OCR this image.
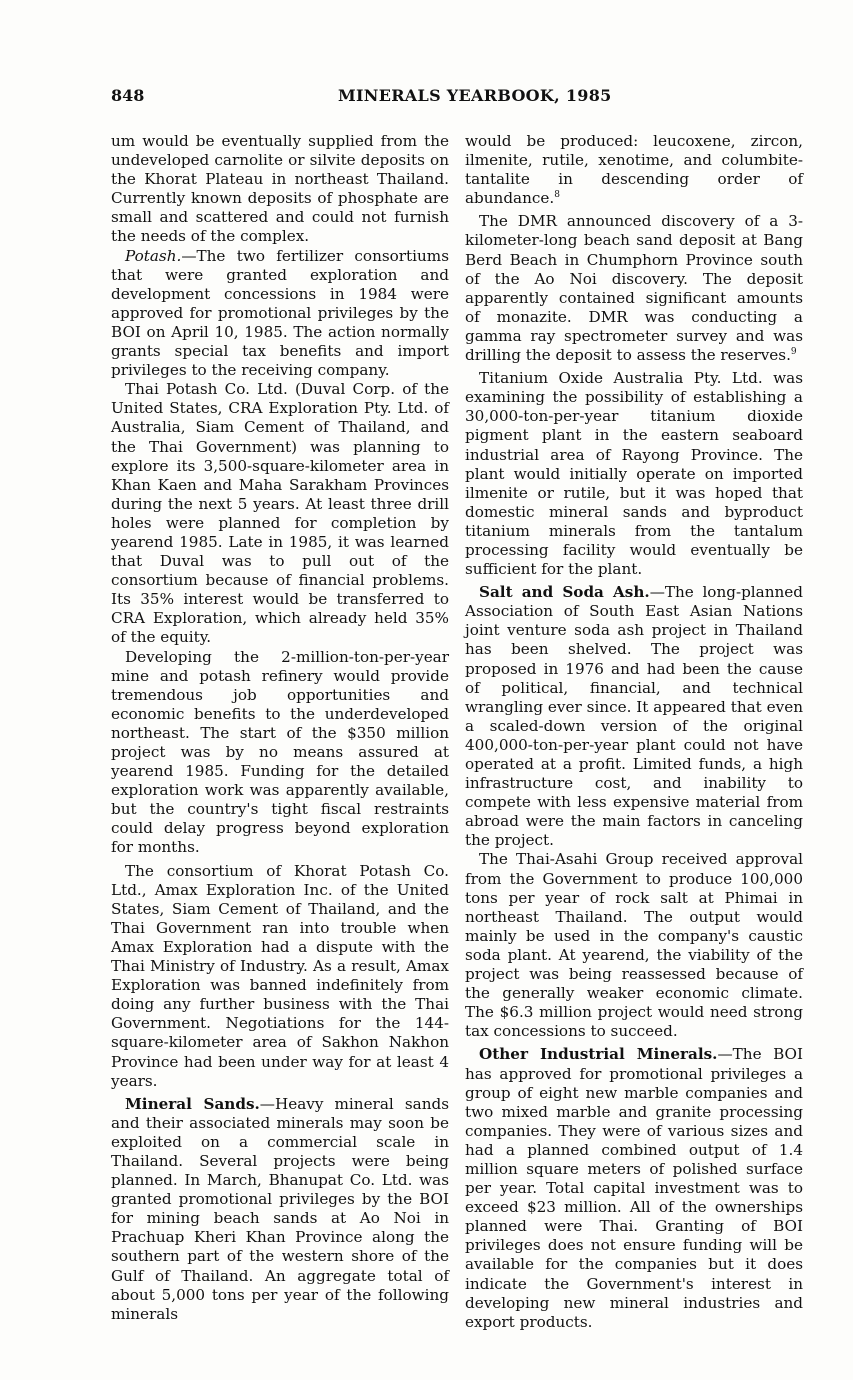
848	MINERALS YEARBOOK, 1985

um would be eventually supplied from the undeveloped carnolite or silvite deposits on the Khorat Plateau in northeast Thailand. Currently known deposits of phosphate are small and scattered and could not furnish the needs of the complex.

Potash.—The two fertilizer consortiums that were granted exploration and development concessions in 1984 were approved for promotional privileges by the BOI on April 10, 1985. The action normally grants special tax benefits and import privileges to the receiving company.

Thai Potash Co. Ltd. (Duval Corp. of the United States, CRA Exploration Pty. Ltd. of Australia, Siam Cement of Thailand, and the Thai Government) was planning to explore its 3,500-square-kilometer area in Khan Kaen and Maha Sarakham Provinces during the next 5 years. At least three drill holes were planned for completion by yearend 1985. Late in 1985, it was learned that Duval was to pull out of the consortium because of financial problems. Its 35% interest would be transferred to CRA Exploration, which already held 35% of the equity.

Developing the 2-million-ton-per-year mine and potash refinery would provide tremendous job opportunities and economic benefits to the underdeveloped northeast. The start of the $350 million project was by no means assured at yearend 1985. Funding for the detailed exploration work was apparently available, but the country's tight fiscal restraints could delay progress beyond exploration for months.

The consortium of Khorat Potash Co. Ltd., Amax Exploration Inc. of the United States, Siam Cement of Thailand, and the Thai Government ran into trouble when Amax Exploration had a dispute with the Thai Ministry of Industry. As a result, Amax Exploration was banned indefinitely from doing any further business with the Thai Government. Negotiations for the 144-square-kilometer area of Sakhon Nakhon Province had been under way for at least 4 years.

Mineral Sands.—Heavy mineral sands and their associated minerals may soon be exploited on a commercial scale in Thailand. Several projects were being planned. In March, Bhanupat Co. Ltd. was granted promotional privileges by the BOI for mining beach sands at Ao Noi in Prachuap Kheri Khan Province along the southern part of the western shore of the Gulf of Thailand. An aggregate total of about 5,000 tons per year of the following minerals

would be produced: leucoxene, zircon, ilmenite, rutile, xenotime, and columbite-tantalite in descending order of abundance.$^8$

The DMR announced discovery of a 3-kilometer-long beach sand deposit at Bang Berd Beach in Chumphorn Province south of the Ao Noi discovery. The deposit apparently contained significant amounts of monazite. DMR was conducting a gamma ray spectrometer survey and was drilling the deposit to assess the reserves.$^9$

Titanium Oxide Australia Pty. Ltd. was examining the possibility of establishing a 30,000-ton-per-year titanium dioxide pigment plant in the eastern seaboard industrial area of Rayong Province. The plant would initially operate on imported ilmenite or rutile, but it was hoped that domestic mineral sands and byproduct titanium minerals from the tantalum processing facility would eventually be sufficient for the plant.

Salt and Soda Ash.—The long-planned Association of South East Asian Nations joint venture soda ash project in Thailand has been shelved. The project was proposed in 1976 and had been the cause of political, financial, and technical wrangling ever since. It appeared that even a scaled-down version of the original 400,000-ton-per-year plant could not have operated at a profit. Limited funds, a high infrastructure cost, and inability to compete with less expensive material from abroad were the main factors in canceling the project.

The Thai-Asahi Group received approval from the Government to produce 100,000 tons per year of rock salt at Phimai in northeast Thailand. The output would mainly be used in the company's caustic soda plant. At yearend, the viability of the project was being reassessed because of the generally weaker economic climate. The $6.3 million project would need strong tax concessions to succeed.

Other Industrial Minerals.—The BOI has approved for promotional privileges a group of eight new marble companies and two mixed marble and granite processing companies. They were of various sizes and had a planned combined output of 1.4 million square meters of polished surface per year. Total capital investment was to exceed $23 million. All of the ownerships planned were Thai. Granting of BOI privileges does not ensure funding will be available for the companies but it does indicate the Government's interest in developing new mineral industries and export products.
